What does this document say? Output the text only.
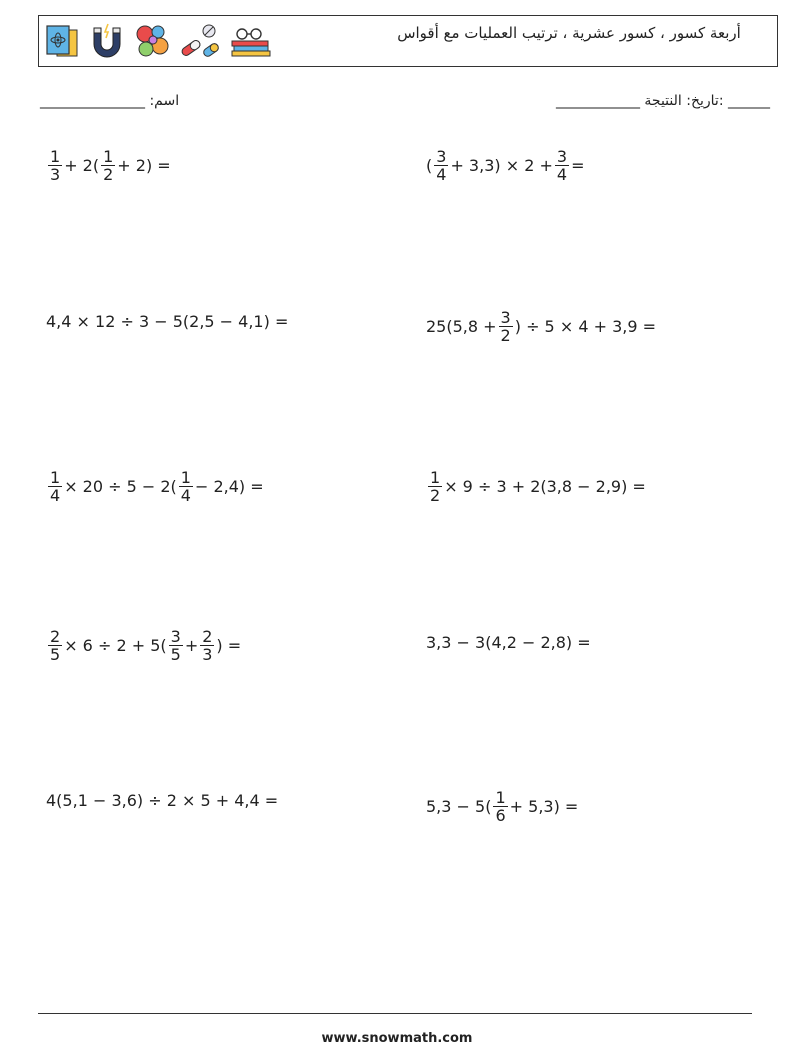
أربعة كسور ، كسور عشرية ، ترتيب العمليات مع أقواس
_______________ :اسم	______ :تاريخ: النتيجة ____________
$\frac{1}{3} + 2( \frac{1}{2} + 2)$ =	( $\frac{3}{4} + 3,3) \times 2 + \frac{3}{4}$ =
4,4 × 12 ÷ 3 − 5(2,5 − 4,1) =	$25(5,8 + \frac{3}{2}$ ) ÷ 5 × 4 + 3,9 =
$\frac{1}{4} \times 20 \div 5 - 2( \frac{1}{4} - 2,4)$ =	$\frac{1}{2} \times 9 \div 3 + 2(3,8 - 2,9)$ =
$\frac{2}{5} \times 6 \div 2 + 5( \frac{3}{5} + \frac{2}{3}$ ) =	3,3 − 3(4,2 − 2,8) =
4(5,1 − 3,6) ÷ 2 × 5 + 4,4 =	$5,3 - 5( \frac{1}{6} + 5,3)$ =
www.snowmath.com
